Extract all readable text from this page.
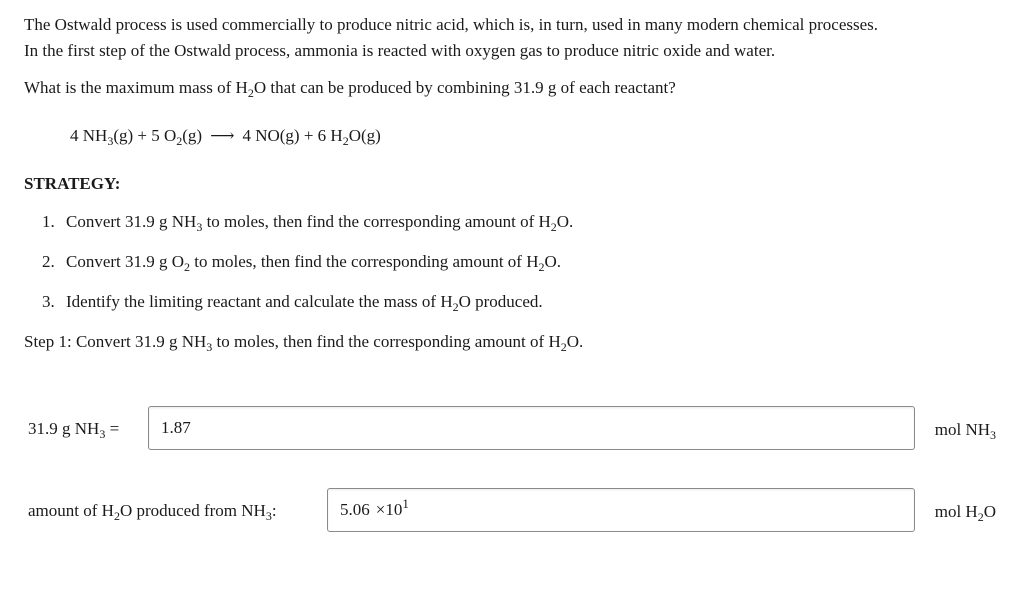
The Ostwald process is used commercially to produce nitric acid, which is, in turn, used in many modern chemical processes.
In the first step of the Ostwald process, ammonia is reacted with oxygen gas to produce nitric oxide and water.
What is the maximum mass of $H_2O$ that can be produced by combining 31.9 g of each reactant?
4 $NH_3(g) + 5$ $O_2(g)$ ⟶ 4 NO(g) + 6 $H_2O(g)$
STRATEGY:
1. Convert 31.9 g $NH_3$ to moles, then find the corresponding amount of $H_2O$.
2. Convert 31.9 g $O_2$ to moles, then find the corresponding amount of $H_2O$.
3. Identify the limiting reactant and calculate the mass of $H_2O$ produced.
Step 1: Convert 31.9 g $NH_3$ to moles, then find the corresponding amount of $H_2O$.
31.9 g $NH_3$ =	1.87	mol $NH_3$
amount of $H_2O$ produced from $NH_3$:	$5.06 \times 10^1$	mol $H_2O$
